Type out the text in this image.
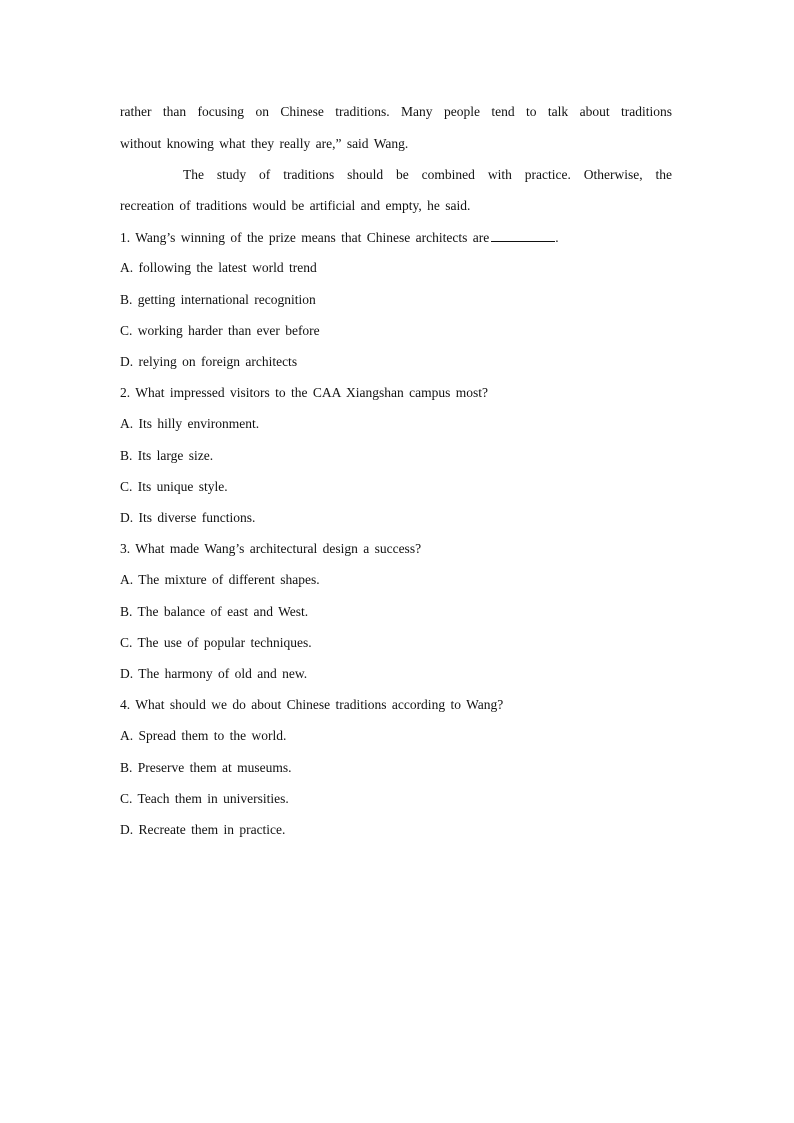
rather than focusing on Chinese traditions. Many people tend to talk about traditions
without knowing what they really are,” said Wang.
The study of traditions should be combined with practice. Otherwise, the
recreation of traditions would be artificial and empty, he said.
1. Wang’s winning of the prize means that Chinese architects are	.
A. following the latest world trend
B. getting international recognition
C. working harder than ever before
D. relying on foreign architects
2. What impressed visitors to the CAA Xiangshan campus most?
A. Its hilly environment.
B. Its large size.
C. Its unique style.
D. Its diverse functions.
3. What made Wang’s architectural design a success?
A. The mixture of different shapes.
B. The balance of east and West.
C. The use of popular techniques.
D. The harmony of old and new.
4. What should we do about Chinese traditions according to Wang?
A. Spread them to the world.
B. Preserve them at museums.
C. Teach them in universities.
D. Recreate them in practice.
